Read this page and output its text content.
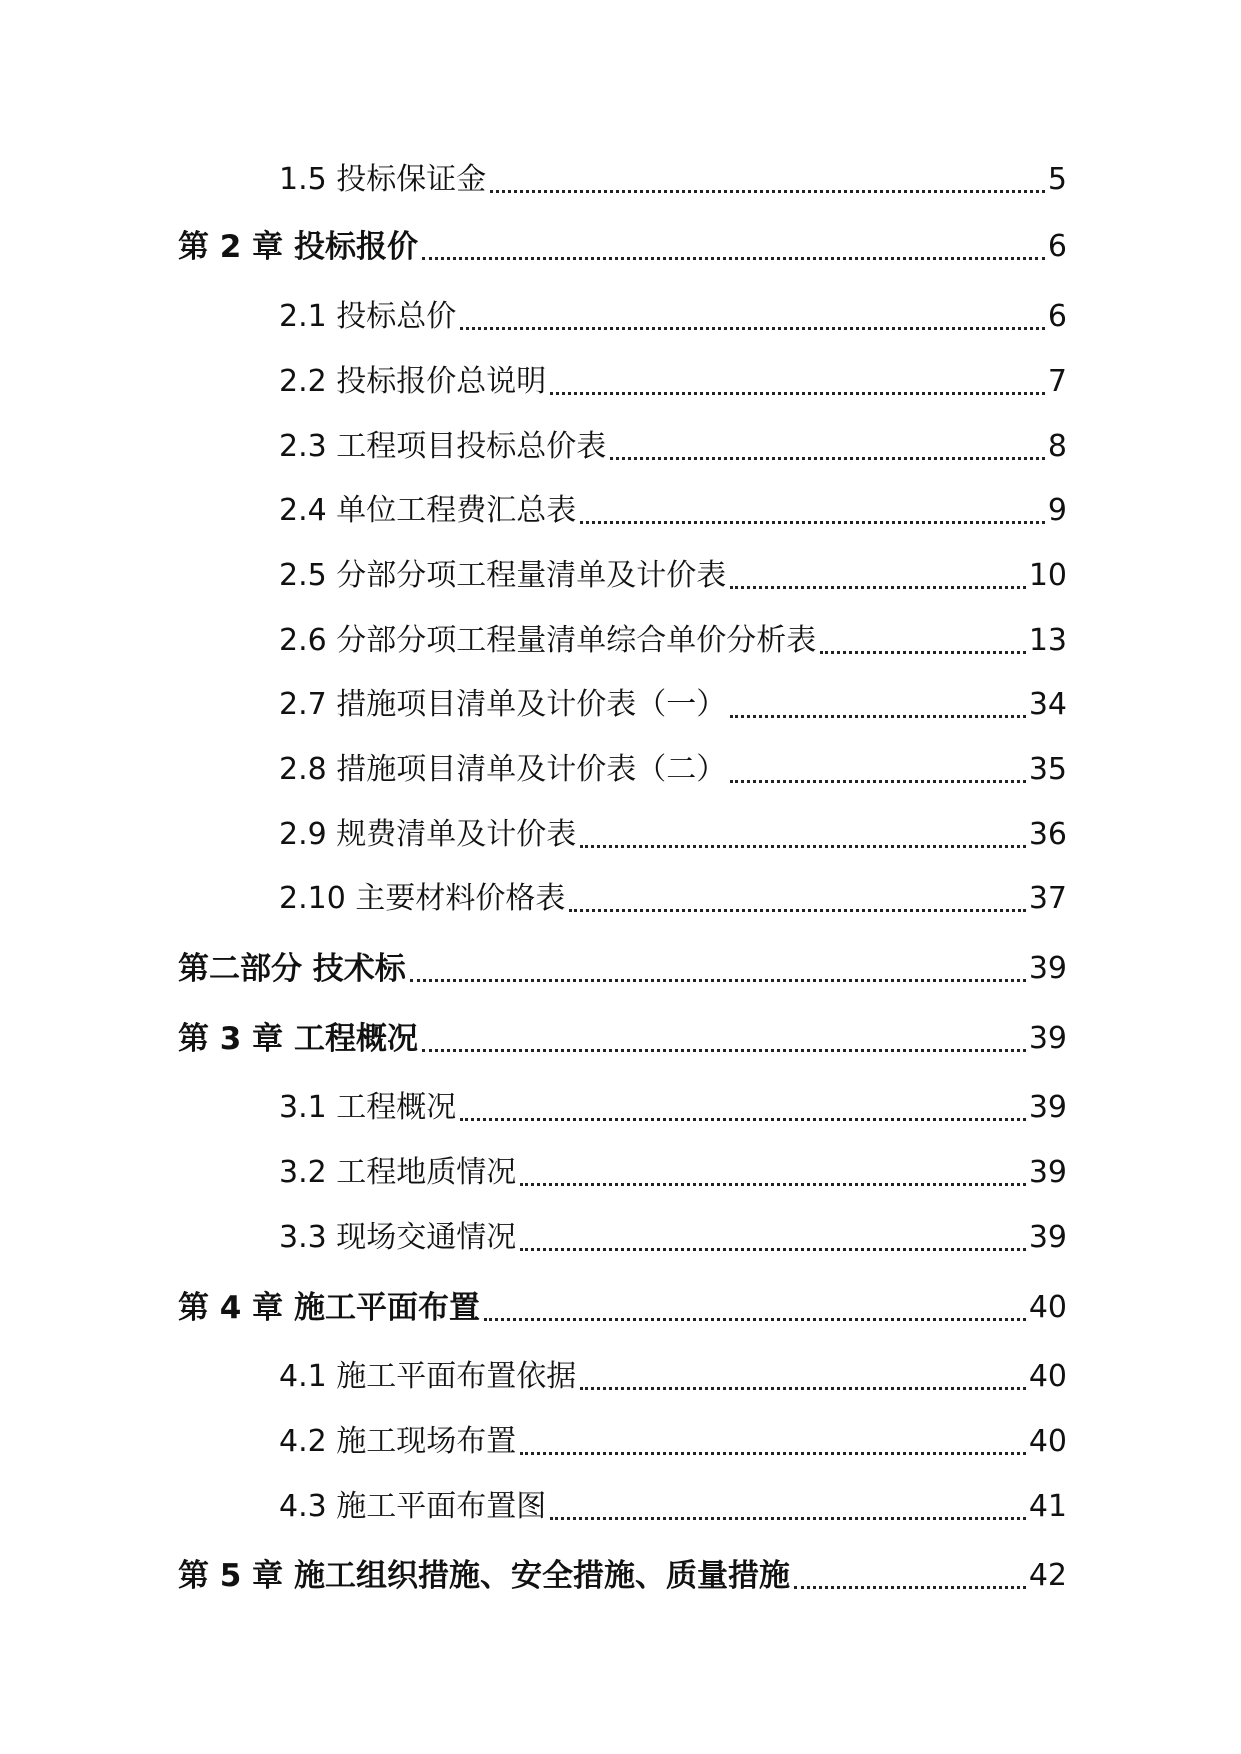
1.5 投标保证金	5
第 2 章 投标报价	6
2.1 投标总价	6
2.2 投标报价总说明	7
2.3 工程项目投标总价表	8
2.4 单位工程费汇总表	9
2.5 分部分项工程量清单及计价表	10
2.6 分部分项工程量清单综合单价分析表	13
2.7 措施项目清单及计价表（一）	34
2.8 措施项目清单及计价表（二）	35
2.9 规费清单及计价表	36
2.10 主要材料价格表	37
第二部分 技术标	39
第 3 章 工程概况	39
3.1 工程概况	39
3.2 工程地质情况	39
3.3 现场交通情况	39
第 4 章 施工平面布置	40
4.1 施工平面布置依据	40
4.2 施工现场布置	40
4.3 施工平面布置图	41
第 5 章 施工组织措施、安全措施、质量措施	42
